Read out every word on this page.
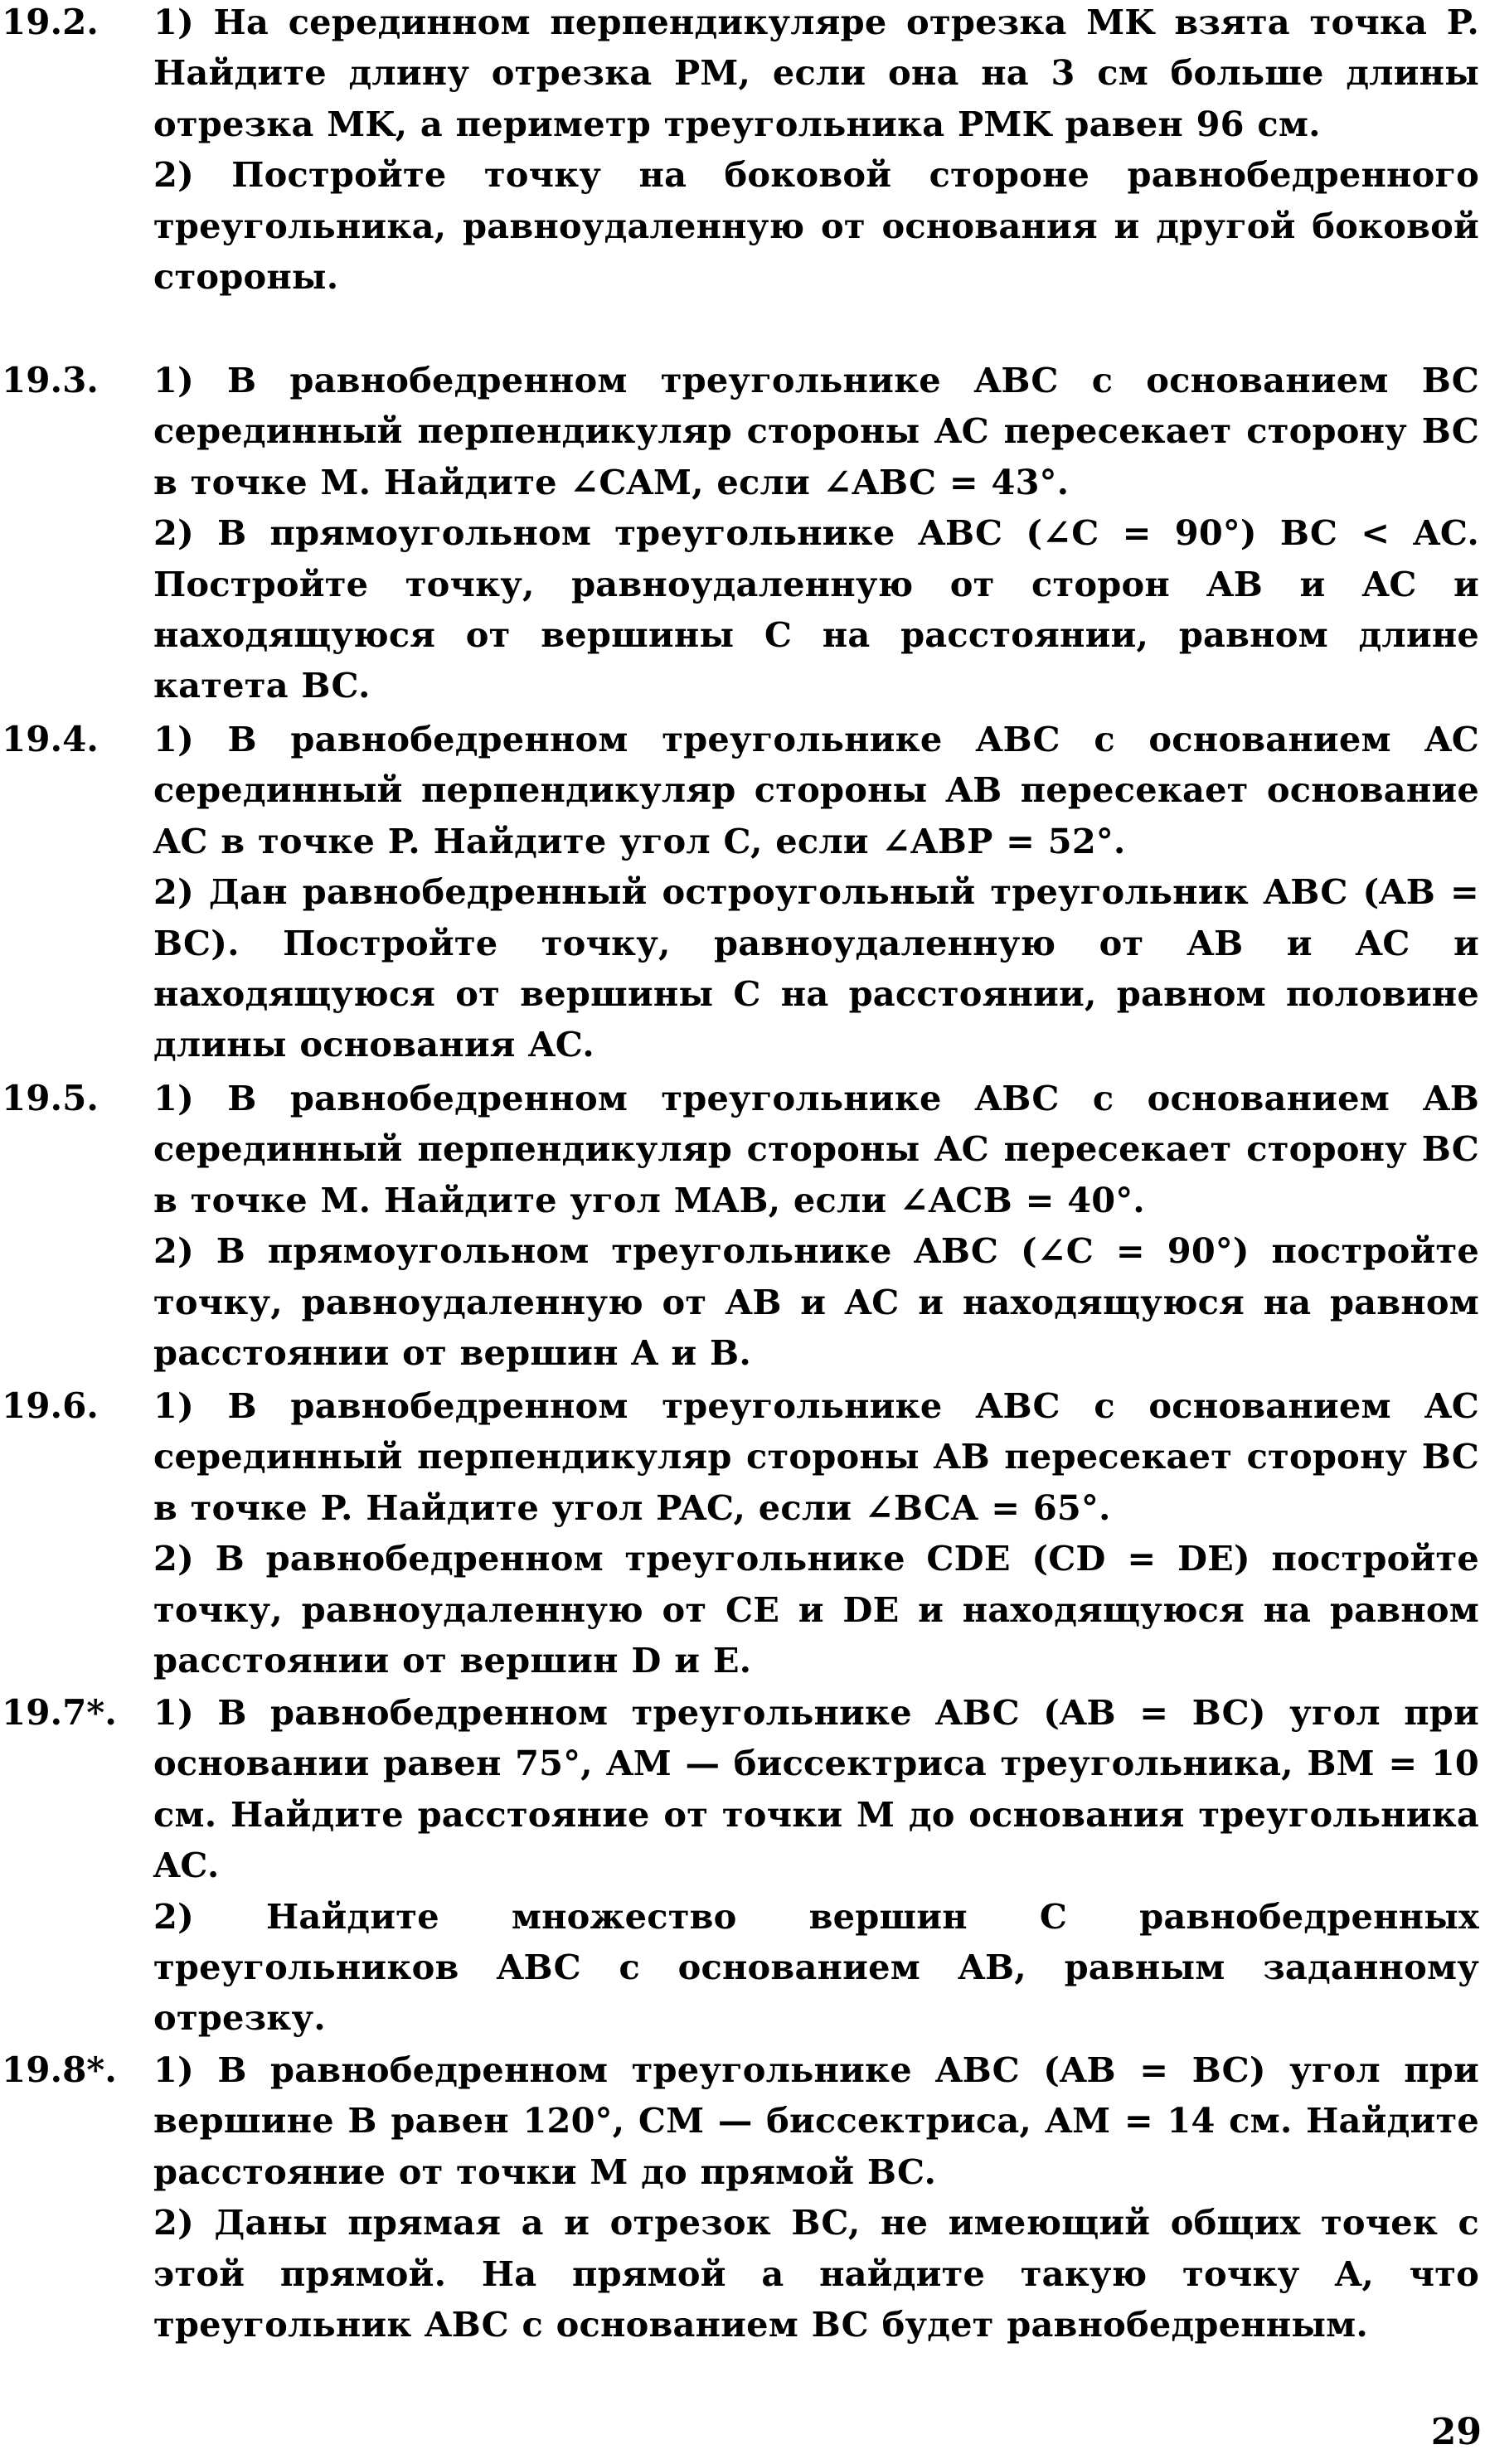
19.2.	1) На серединном перпендикуляре отрезка MK взята точка P. Найдите длину отрезка PM, если она на 3 см больше длины отрезка MK, а периметр треугольника PMK равен 96 см.

2) Постройте точку на боковой стороне равнобедренного треугольника, равноудаленную от основания и другой боковой стороны.

19.3.	1) В равнобедренном треугольнике ABC с основанием BC серединный перпендикуляр стороны AC пересекает сторону BC в точке M. Найдите ∠CAM, если ∠ABC = 43°.

2) В прямоугольном треугольнике ABC (∠C = 90°) BC < AC. Постройте точку, равноудаленную от сторон AB и AC и находящуюся от вершины C на расстоянии, равном длине катета BC.

19.4.	1) В равнобедренном треугольнике ABC с основанием AC серединный перпендикуляр стороны AB пересекает основание AC в точке P. Найдите угол C, если ∠ABP = 52°.

2) Дан равнобедренный остроугольный треугольник ABC (AB = BC). Постройте точку, равноудаленную от AB и AC и находящуюся от вершины C на расстоянии, равном половине длины основания AC.

19.5.	1) В равнобедренном треугольнике ABC с основанием AB серединный перпендикуляр стороны AC пересекает сторону BC в точке M. Найдите угол MAB, если ∠ACB = 40°.

2) В прямоугольном треугольнике ABC (∠C = 90°) постройте точку, равноудаленную от AB и AC и находящуюся на равном расстоянии от вершин A и B.

19.6.	1) В равнобедренном треугольнике ABC с основанием AC серединный перпендикуляр стороны AB пересекает сторону BC в точке P. Найдите угол PAC, если ∠BCA = 65°.

2) В равнобедренном треугольнике CDE (CD = DE) постройте точку, равноудаленную от CE и DE и находящуюся на равном расстоянии от вершин D и E.

19.7*.	1) В равнобедренном треугольнике ABC (AB = BC) угол при основании равен 75°, AM — биссектриса треугольника, BM = 10 см. Найдите расстояние от точки M до основания треугольника AC.

2) Найдите множество вершин C равнобедренных треугольников ABC с основанием AB, равным заданному отрезку.

19.8*.	1) В равнобедренном треугольнике ABC (AB = BC) угол при вершине B равен 120°, CM — биссектриса, AM = 14 см. Найдите расстояние от точки M до прямой BC.

2) Даны прямая a и отрезок BC, не имеющий общих точек с этой прямой. На прямой a найдите такую точку A, что треугольник ABC с основанием BC будет равнобедренным.

29
